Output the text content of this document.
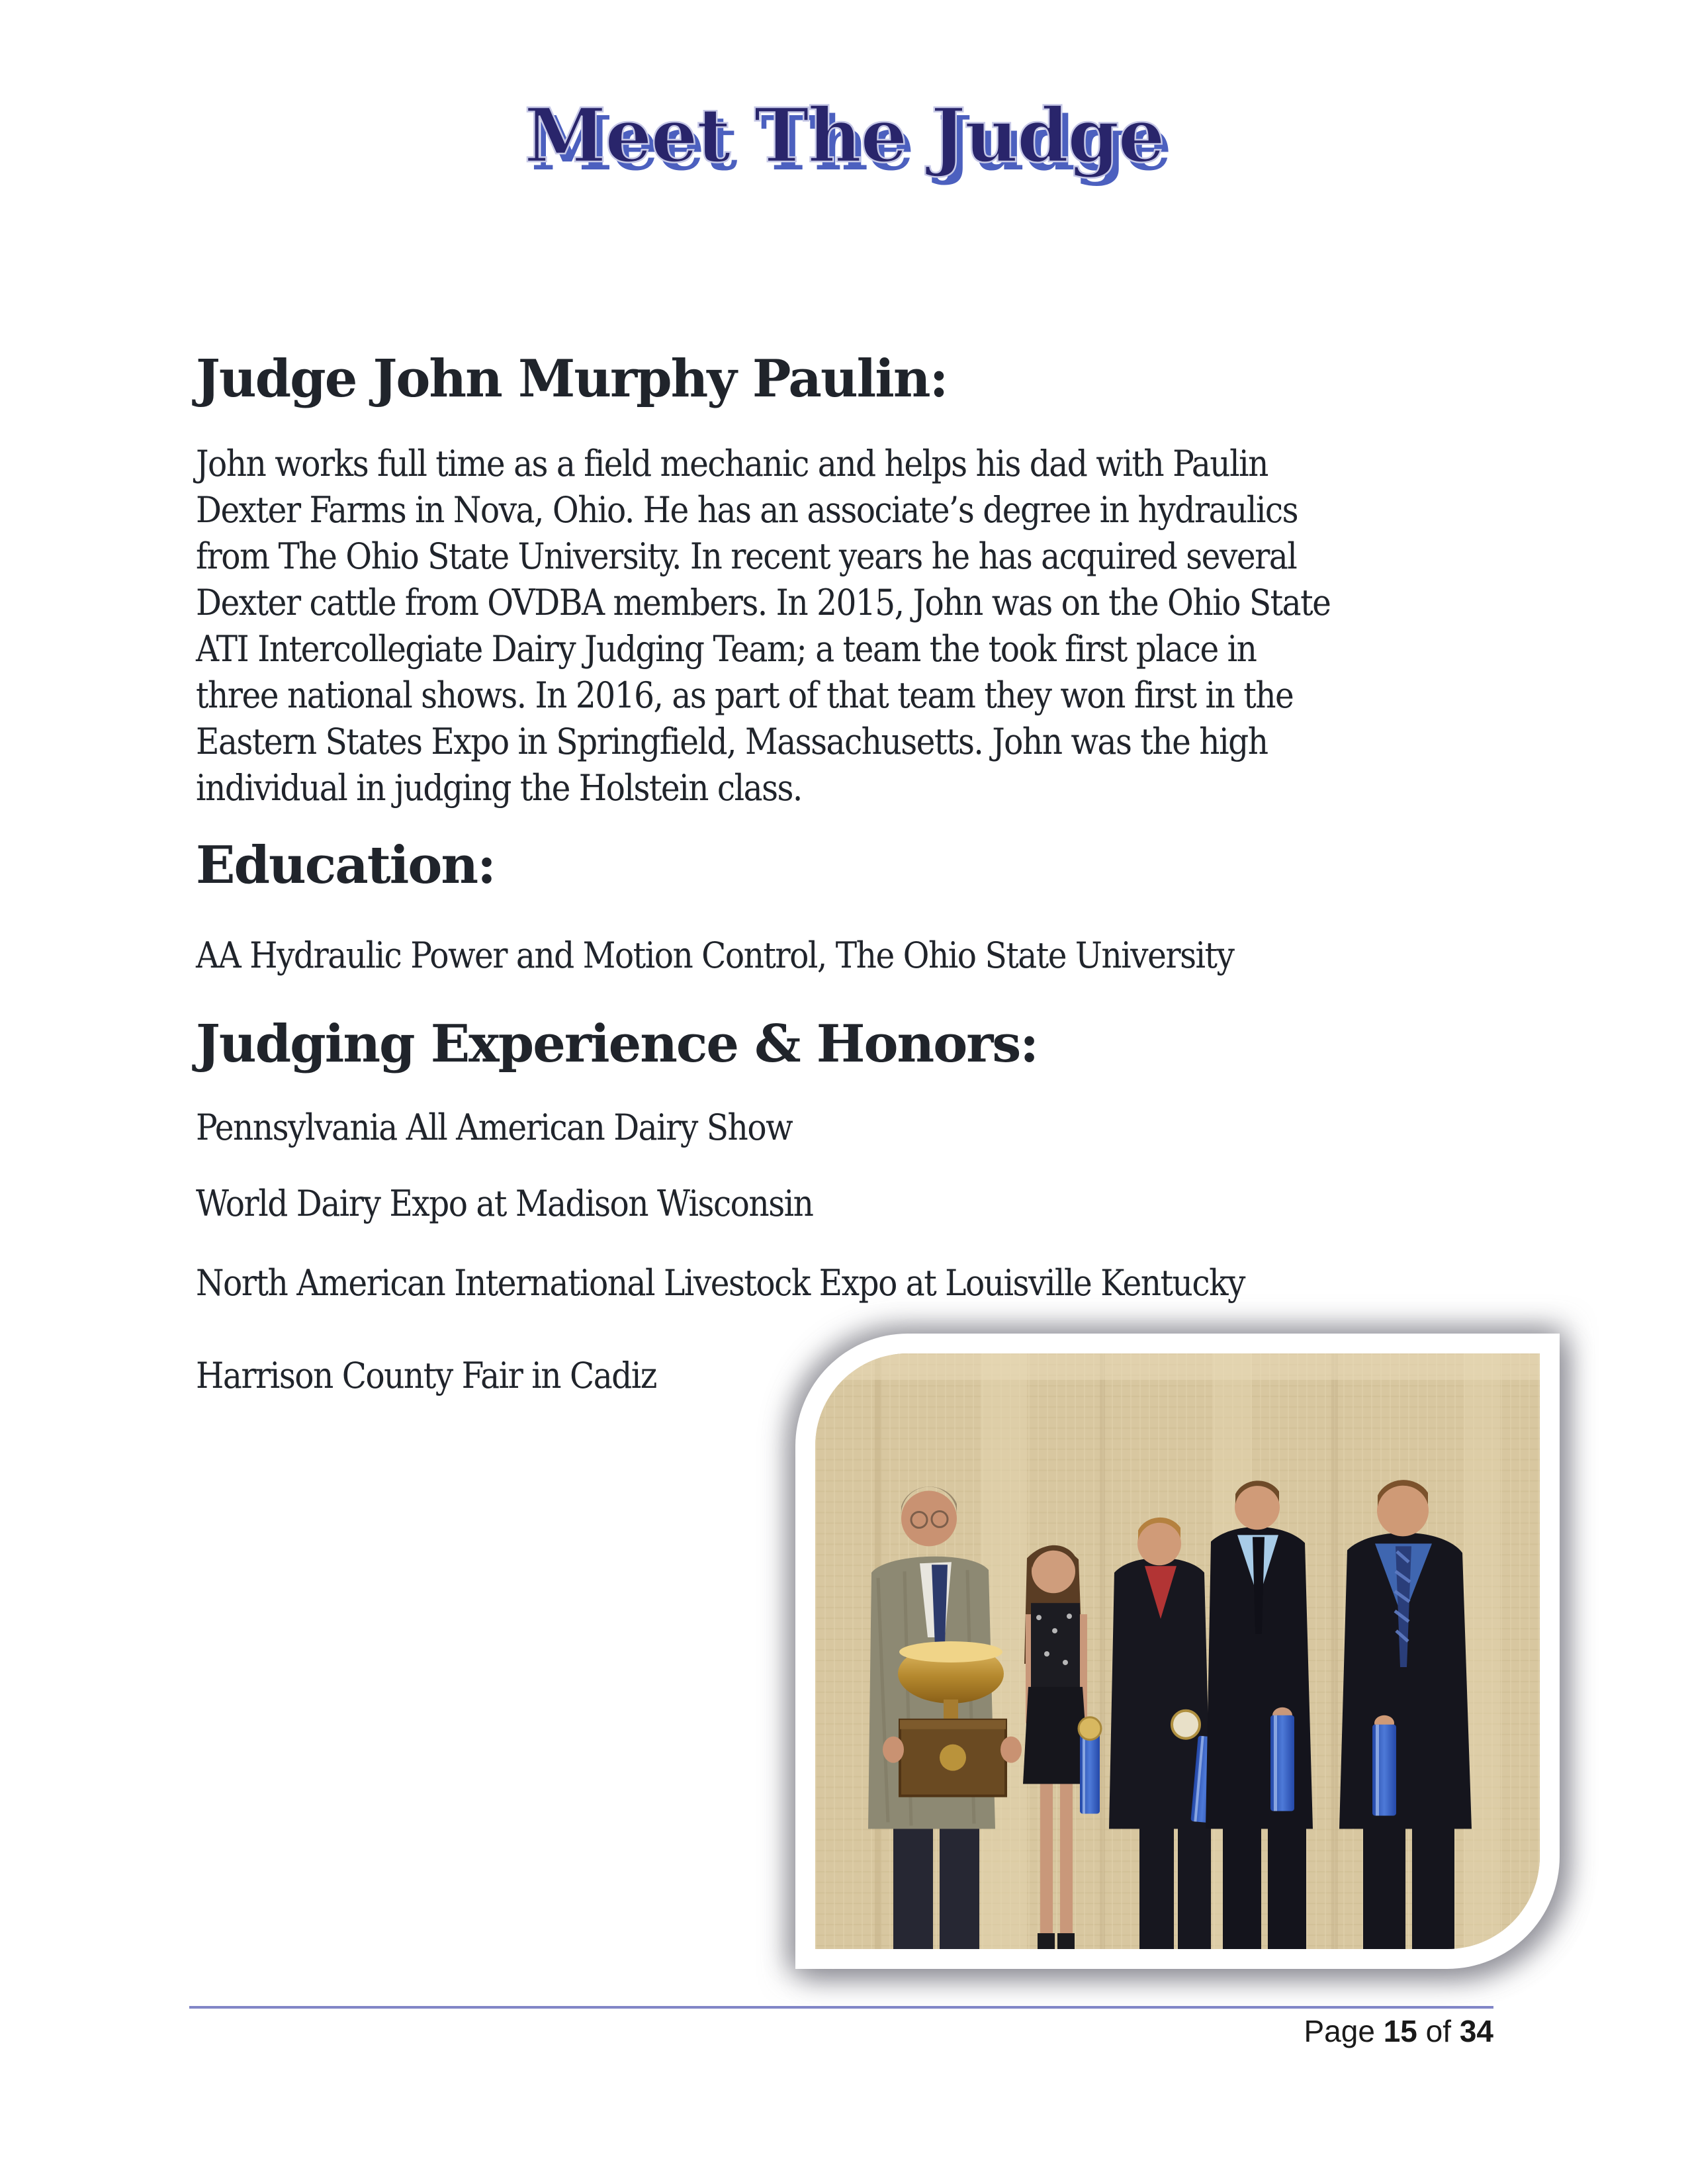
Meet The Judge
Judge John Murphy Paulin:
John works full time as a field mechanic and helps his dad with Paulin
Dexter Farms in Nova, Ohio. He has an associate’s degree in hydraulics
from The Ohio State University. In recent years he has acquired several
Dexter cattle from OVDBA members. In 2015, John was on the Ohio State
ATI Intercollegiate Dairy Judging Team; a team the took first place in
three national shows. In 2016, as part of that team they won first in the
Eastern States Expo in Springfield, Massachusetts. John was the high
individual in judging the Holstein class.
Education:
AA Hydraulic Power and Motion Control, The Ohio State University
Judging Experience & Honors:
Pennsylvania All American Dairy Show
World Dairy Expo at Madison Wisconsin
North American International Livestock Expo at Louisville Kentucky
Harrison County Fair in Cadiz
Page 15 of 34
